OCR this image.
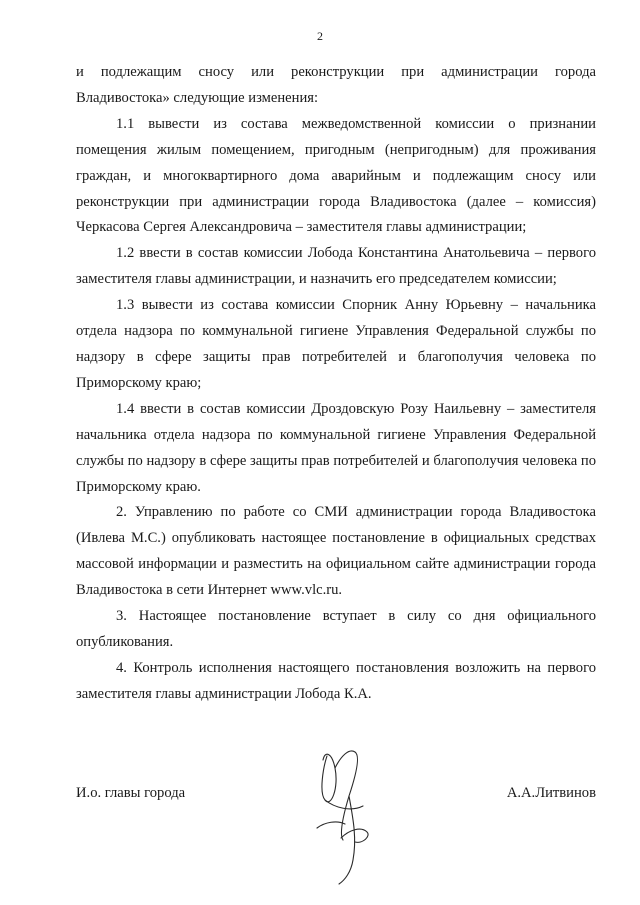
2

и подлежащим сносу или реконструкции при администрации города Владивостока» следующие изменения:

1.1 вывести из состава межведомственной комиссии о признании помещения жилым помещением, пригодным (непригодным) для проживания граждан, и многоквартирного дома аварийным и подлежащим сносу или реконструкции при администрации города Владивостока (далее – комиссия) Черкасова Сергея Александровича – заместителя главы администрации;

1.2 ввести в состав комиссии Лобода Константина Анатольевича – первого заместителя главы администрации, и назначить его председателем комиссии;

1.3 вывести из состава комиссии Спорник Анну Юрьевну – начальника отдела надзора по коммунальной гигиене Управления Федеральной службы по надзору в сфере защиты прав потребителей и благополучия человека по Приморскому краю;

1.4 ввести в состав комиссии Дроздовскую Розу Наильевну – заместителя начальника отдела надзора по коммунальной гигиене Управления Федеральной службы по надзору в сфере защиты прав потребителей и благополучия человека по Приморскому краю.

2. Управлению по работе со СМИ администрации города Владивостока (Ивлева М.С.) опубликовать настоящее постановление в официальных средствах массовой информации и разместить на официальном сайте администрации города Владивостока в сети Интернет www.vlc.ru.

3. Настоящее постановление вступает в силу со дня официального опубликования.

4. Контроль исполнения настоящего постановления возложить на первого заместителя главы администрации Лобода К.А.

И.о. главы города	А.А.Литвинов
